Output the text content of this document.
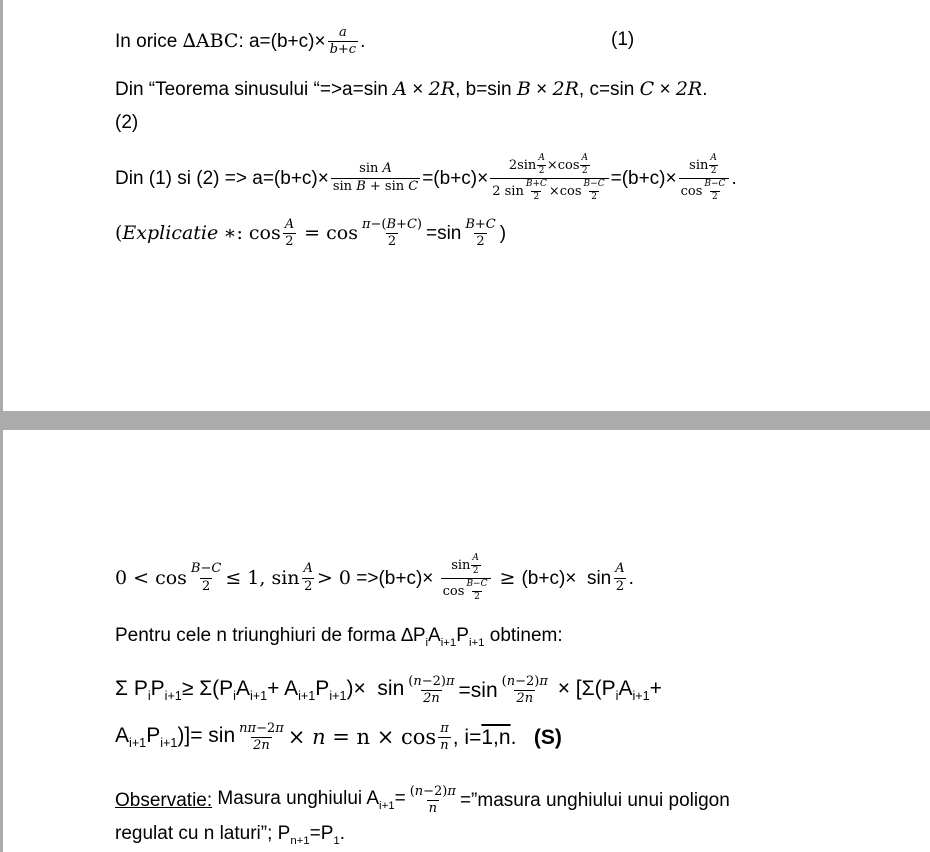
In orice
∆ABC : $a=(b+c)\times \frac{a}{b+c}$ .	(1)
Din “Teorema sinusului “=>a=sin A × 2R, b=sin B × 2R, c=sin C × 2R.
(2)
Din (1) si $(2) => a=(b+c)\times \frac{\text{sin A}}{\text{sin B + sin C}} =(b+c)\times \frac{2\sin \frac{A}{2} \times\cos \frac{A}{2}}{2 \sin \frac{B+C}{2} \times\cos \frac{B-C}{2}} =(b+c)\times \frac{\sin \frac{A}{2}}{\cos \frac{B-C}{2}}$ .
( Explicatie
∗: $\cos \frac{A}{2} = \cos \frac{\pi-(B+C)}{2} =\sin \frac{B+C}{2}$ )
$0 < \cos \frac{B-C}{2} \le 1$, $\sin \frac{A}{2} > 0 =>(b+c)\times \frac{\sin \frac{A}{2}}{\cos \frac{B-C}{2}} \ge (b+c)\times \sin \frac{A}{2}$ .
Pentru cele n triunghiuri de forma $\Delta P_iA_{i+1}P_{i+1}$ obtinem:
Σ $P_iP_{i+1}\ge \Sigma(P_iA_{i+1}+ A_{i+1}P_{i+1})\times \sin \frac{(n-2)\pi}{2n} =\sin \frac{(n-2)\pi}{2n} \times [\Sigma(P_iA_{i+1}+$
$A_{i+1}P_{i+1})]= \sin \frac{n\pi-2\pi}{2n} \times n = n \times \cos \frac{\pi}{n}$ , i=1,n. (S)
Observatie: Masura unghiului $A_{i+1}= \frac{(n-2)\pi}{n}$ =”masura unghiului unui poligon
regulat cu n laturi”; $P_{n+1}=P_1$.
